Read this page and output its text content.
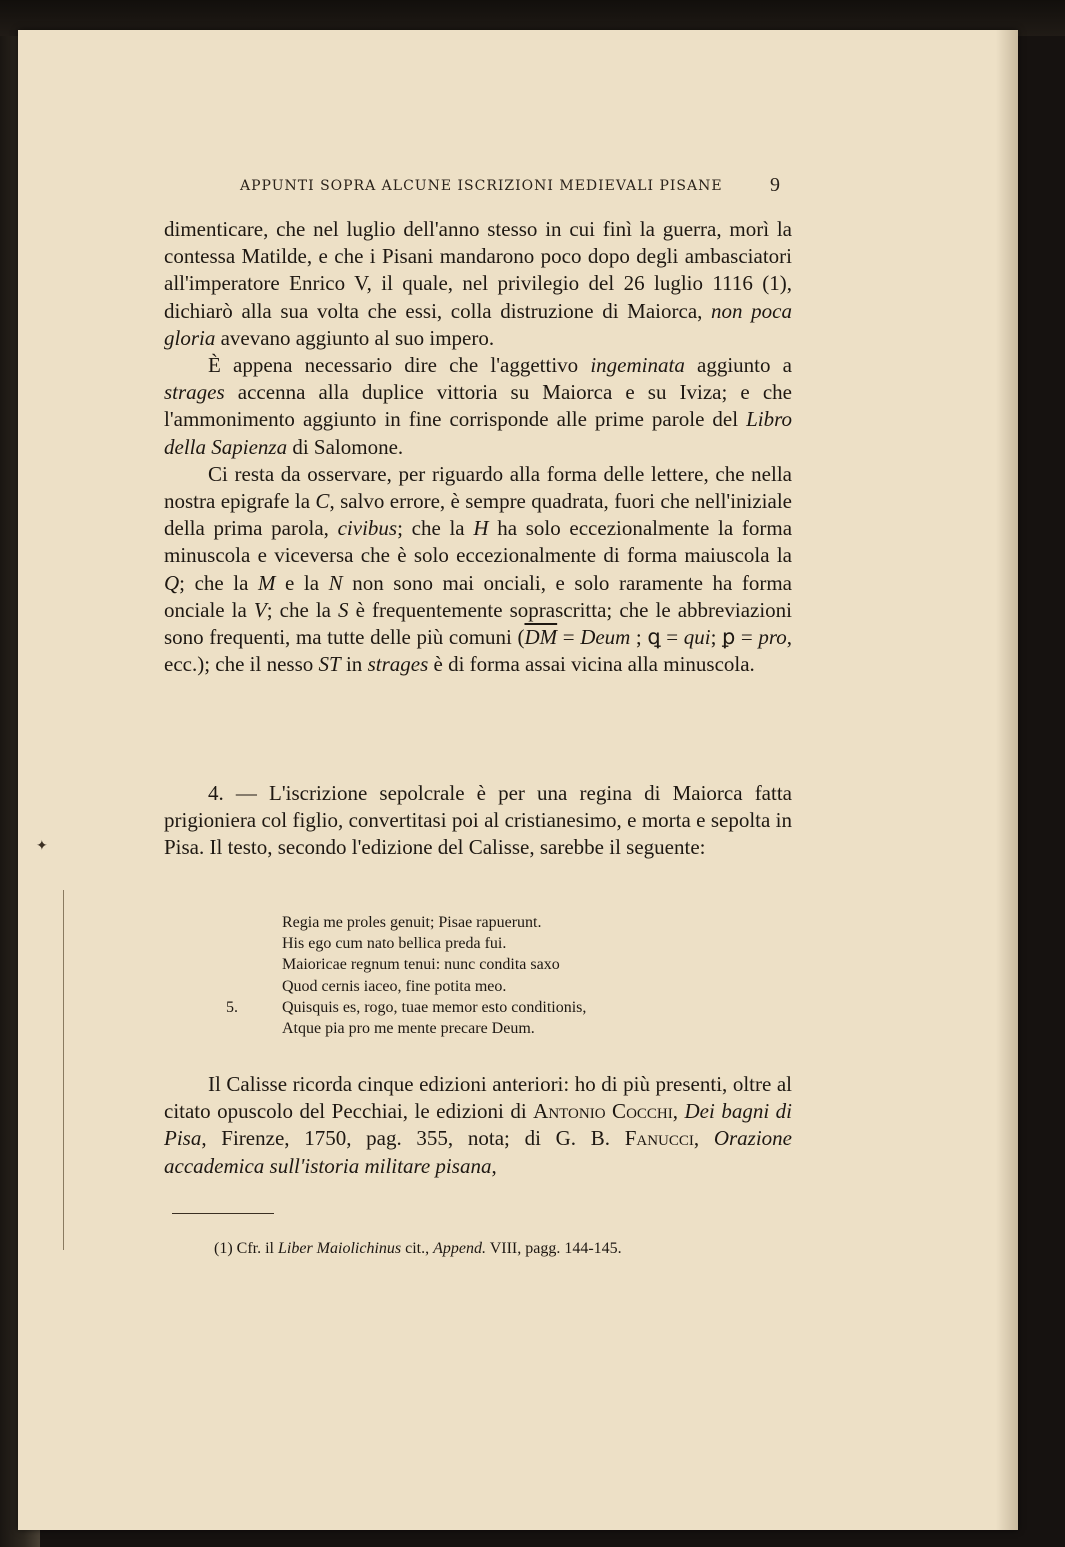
✦
APPUNTI SOPRA ALCUNE ISCRIZIONI MEDIEVALI PISANE 9

dimenticare, che nel luglio dell'anno stesso in cui finì la guerra, morì la contessa Matilde, e che i Pisani mandarono poco dopo degli ambasciatori all'imperatore Enrico V, il quale, nel privilegio del 26 luglio 1116 (1), dichiarò alla sua volta che essi, colla distruzione di Maiorca, non poca gloria avevano aggiunto al suo impero.

È appena necessario dire che l'aggettivo ingeminata aggiunto a strages accenna alla duplice vittoria su Maiorca e su Iviza; e che l'ammonimento aggiunto in fine corrisponde alle prime parole del Libro della Sapienza di Salomone.

Ci resta da osservare, per riguardo alla forma delle lettere, che nella nostra epigrafe la C, salvo errore, è sempre quadrata, fuori che nell'iniziale della prima parola, civibus; che la H ha solo eccezionalmente la forma minuscola e viceversa che è solo eccezionalmente di forma maiuscola la Q; che la M e la N non sono mai onciali, e solo raramente ha forma onciale la V; che la S è frequentemente soprascritta; che le abbreviazioni sono frequenti, ma tutte delle più comuni ($\overline{DM}$ = Deum ; ꝗ = qui; ꝑ = pro, ecc.); che il nesso ST in strages è di forma assai vicina alla minuscola.

4. — L'iscrizione sepolcrale è per una regina di Maiorca fatta prigioniera col figlio, convertitasi poi al cristianesimo, e morta e sepolta in Pisa. Il testo, secondo l'edizione del Calisse, sarebbe il seguente:

Regia me proles genuit; Pisae rapuerunt.
His ego cum nato bellica preda fui.
Maioricae regnum tenui: nunc condita saxo
Quod cernis iaceo, fine potita meo.
5.	Quisquis es, rogo, tuae memor esto conditionis,
Atque pia pro me mente precare Deum.

Il Calisse ricorda cinque edizioni anteriori: ho di più presenti, oltre al citato opuscolo del Pecchiai, le edizioni di Antonio Cocchi, Dei bagni di Pisa, Firenze, 1750, pag. 355, nota; di G. B. Fanucci, Orazione accademica sull'istoria militare pisana,

(1) Cfr. il Liber Maiolichinus cit., Append. VIII, pagg. 144-145.
